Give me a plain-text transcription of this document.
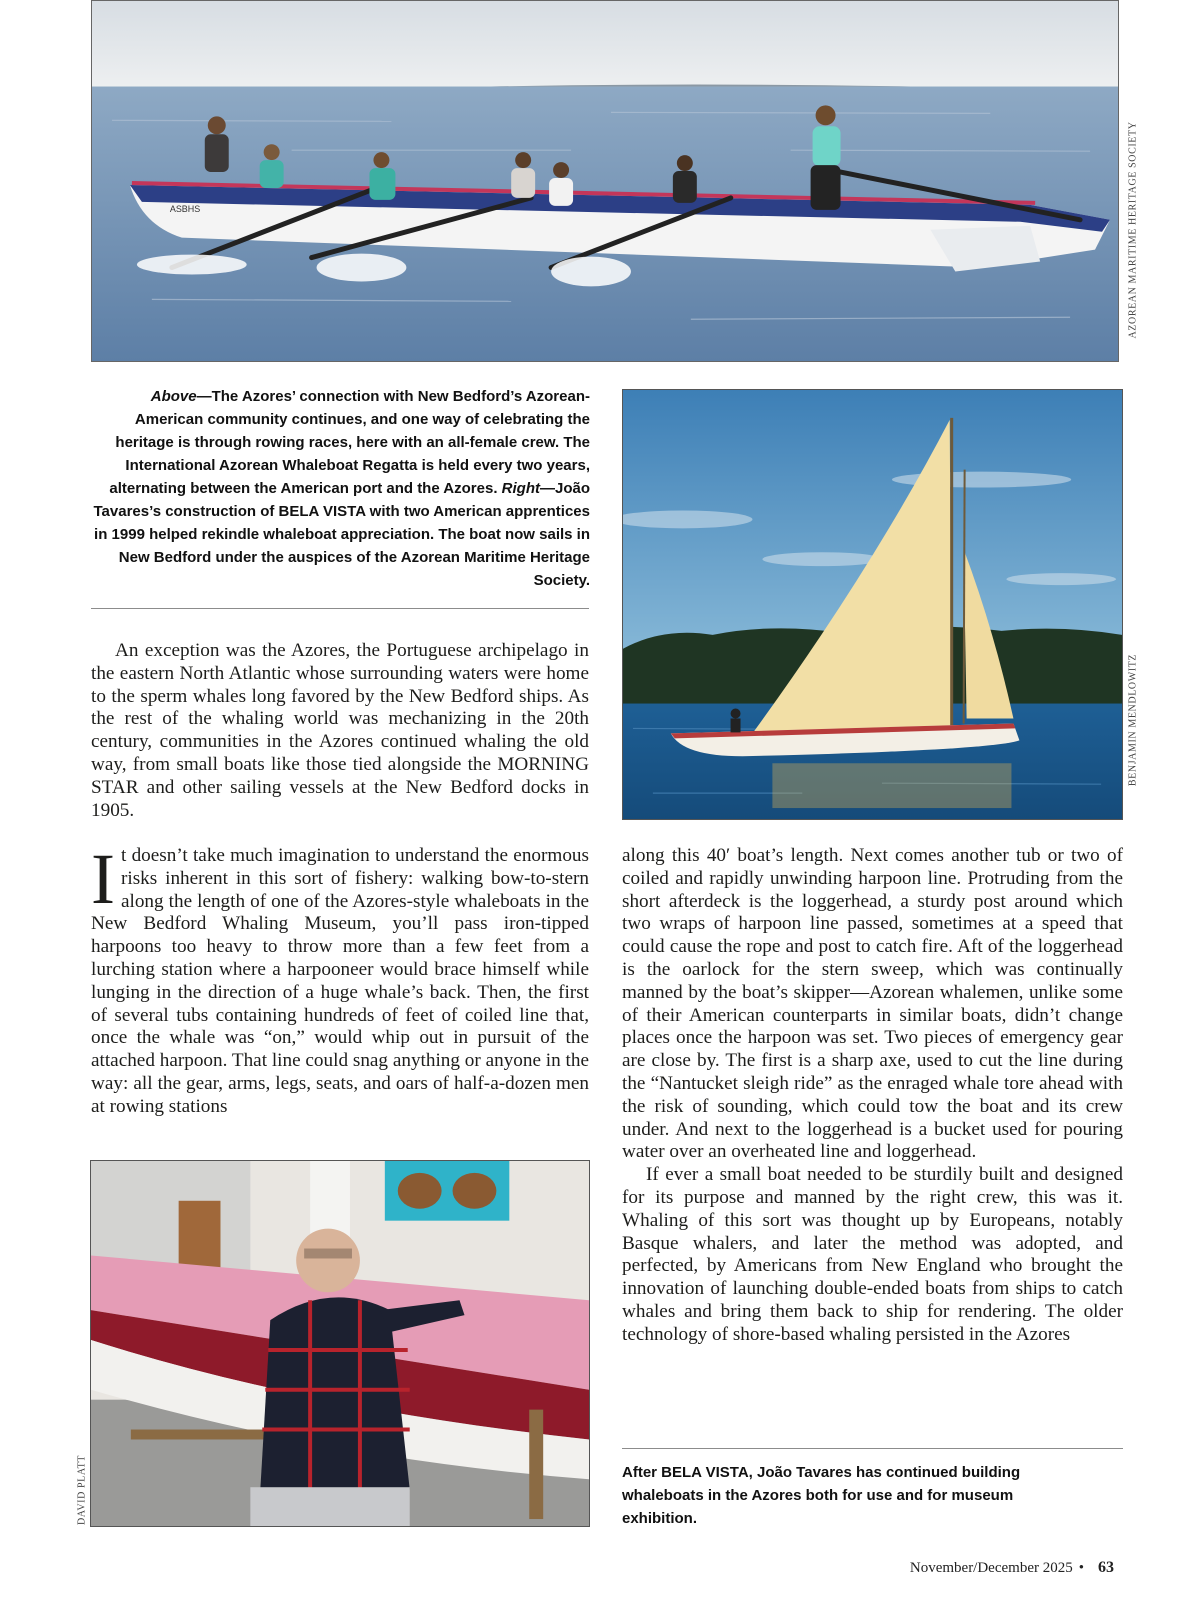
ASBHS	AZOREAN MARITIME HERITAGE SOCIETY
Above—The Azores’ connection with New Bedford’s Azorean-American community continues, and one way of celebrating the heritage is through rowing races, here with an all-female crew. The International Azorean Whaleboat Regatta is held every two years, alternating between the American port and the Azores. Right—João Tavares’s construction of BELA VISTA with two American apprentices in 1999 helped rekindle whaleboat appreciation. The boat now sails in New Bedford under the auspices of the Azorean Maritime Heritage Society.
BENJAMIN MENDLOWITZ

An exception was the Azores, the Portuguese archipelago in the eastern North Atlantic whose surrounding waters were home to the sperm whales long favored by the New Bedford ships. As the rest of the whaling world was mechanizing in the 20th century, communities in the Azores continued whaling the old way, from small boats like those tied alongside the MORNING STAR and other sailing vessels at the New Bedford docks in 1905.

I t doesn’t take much imagination to understand the enormous risks inherent in this sort of fishery: walking bow-to-stern along the length of one of the Azores-style whaleboats in the New Bedford Whaling Museum, you’ll pass iron-tipped harpoons too heavy to throw more than a few feet from a lurching station where a harpooneer would brace himself while lunging in the direction of a huge whale’s back. Then, the first of several tubs containing hundreds of feet of coiled line that, once the whale was “on,” would whip out in pursuit of the attached harpoon. That line could snag anything or anyone in the way: all the gear, arms, legs, seats, and oars of half-a-dozen men at rowing stations

DAVID PLATT

along this 40′ boat’s length. Next comes another tub or two of coiled and rapidly unwinding harpoon line. Protruding from the short afterdeck is the loggerhead, a sturdy post around which two wraps of harpoon line passed, sometimes at a speed that could cause the rope and post to catch fire. Aft of the loggerhead is the oarlock for the stern sweep, which was continually manned by the boat’s skipper—Azorean whalemen, unlike some of their American counterparts in similar boats, didn’t change places once the harpoon was set. Two pieces of emergency gear are close by. The first is a sharp axe, used to cut the line during the “Nantucket sleigh ride” as the enraged whale tore ahead with the risk of sounding, which could tow the boat and its crew under. And next to the loggerhead is a bucket used for pouring water over an overheated line and loggerhead.

If ever a small boat needed to be sturdily built and designed for its purpose and manned by the right crew, this was it. Whaling of this sort was thought up by Europeans, notably Basque whalers, and later the method was adopted, and perfected, by Americans from New England who brought the innovation of launching double-ended boats from ships to catch whales and bring them back to ship for rendering. The older technology of shore-based whaling persisted in the Azores

After BELA VISTA, João Tavares has continued building whaleboats in the Azores both for use and for museum exhibition.
November/December 2025 • 63
